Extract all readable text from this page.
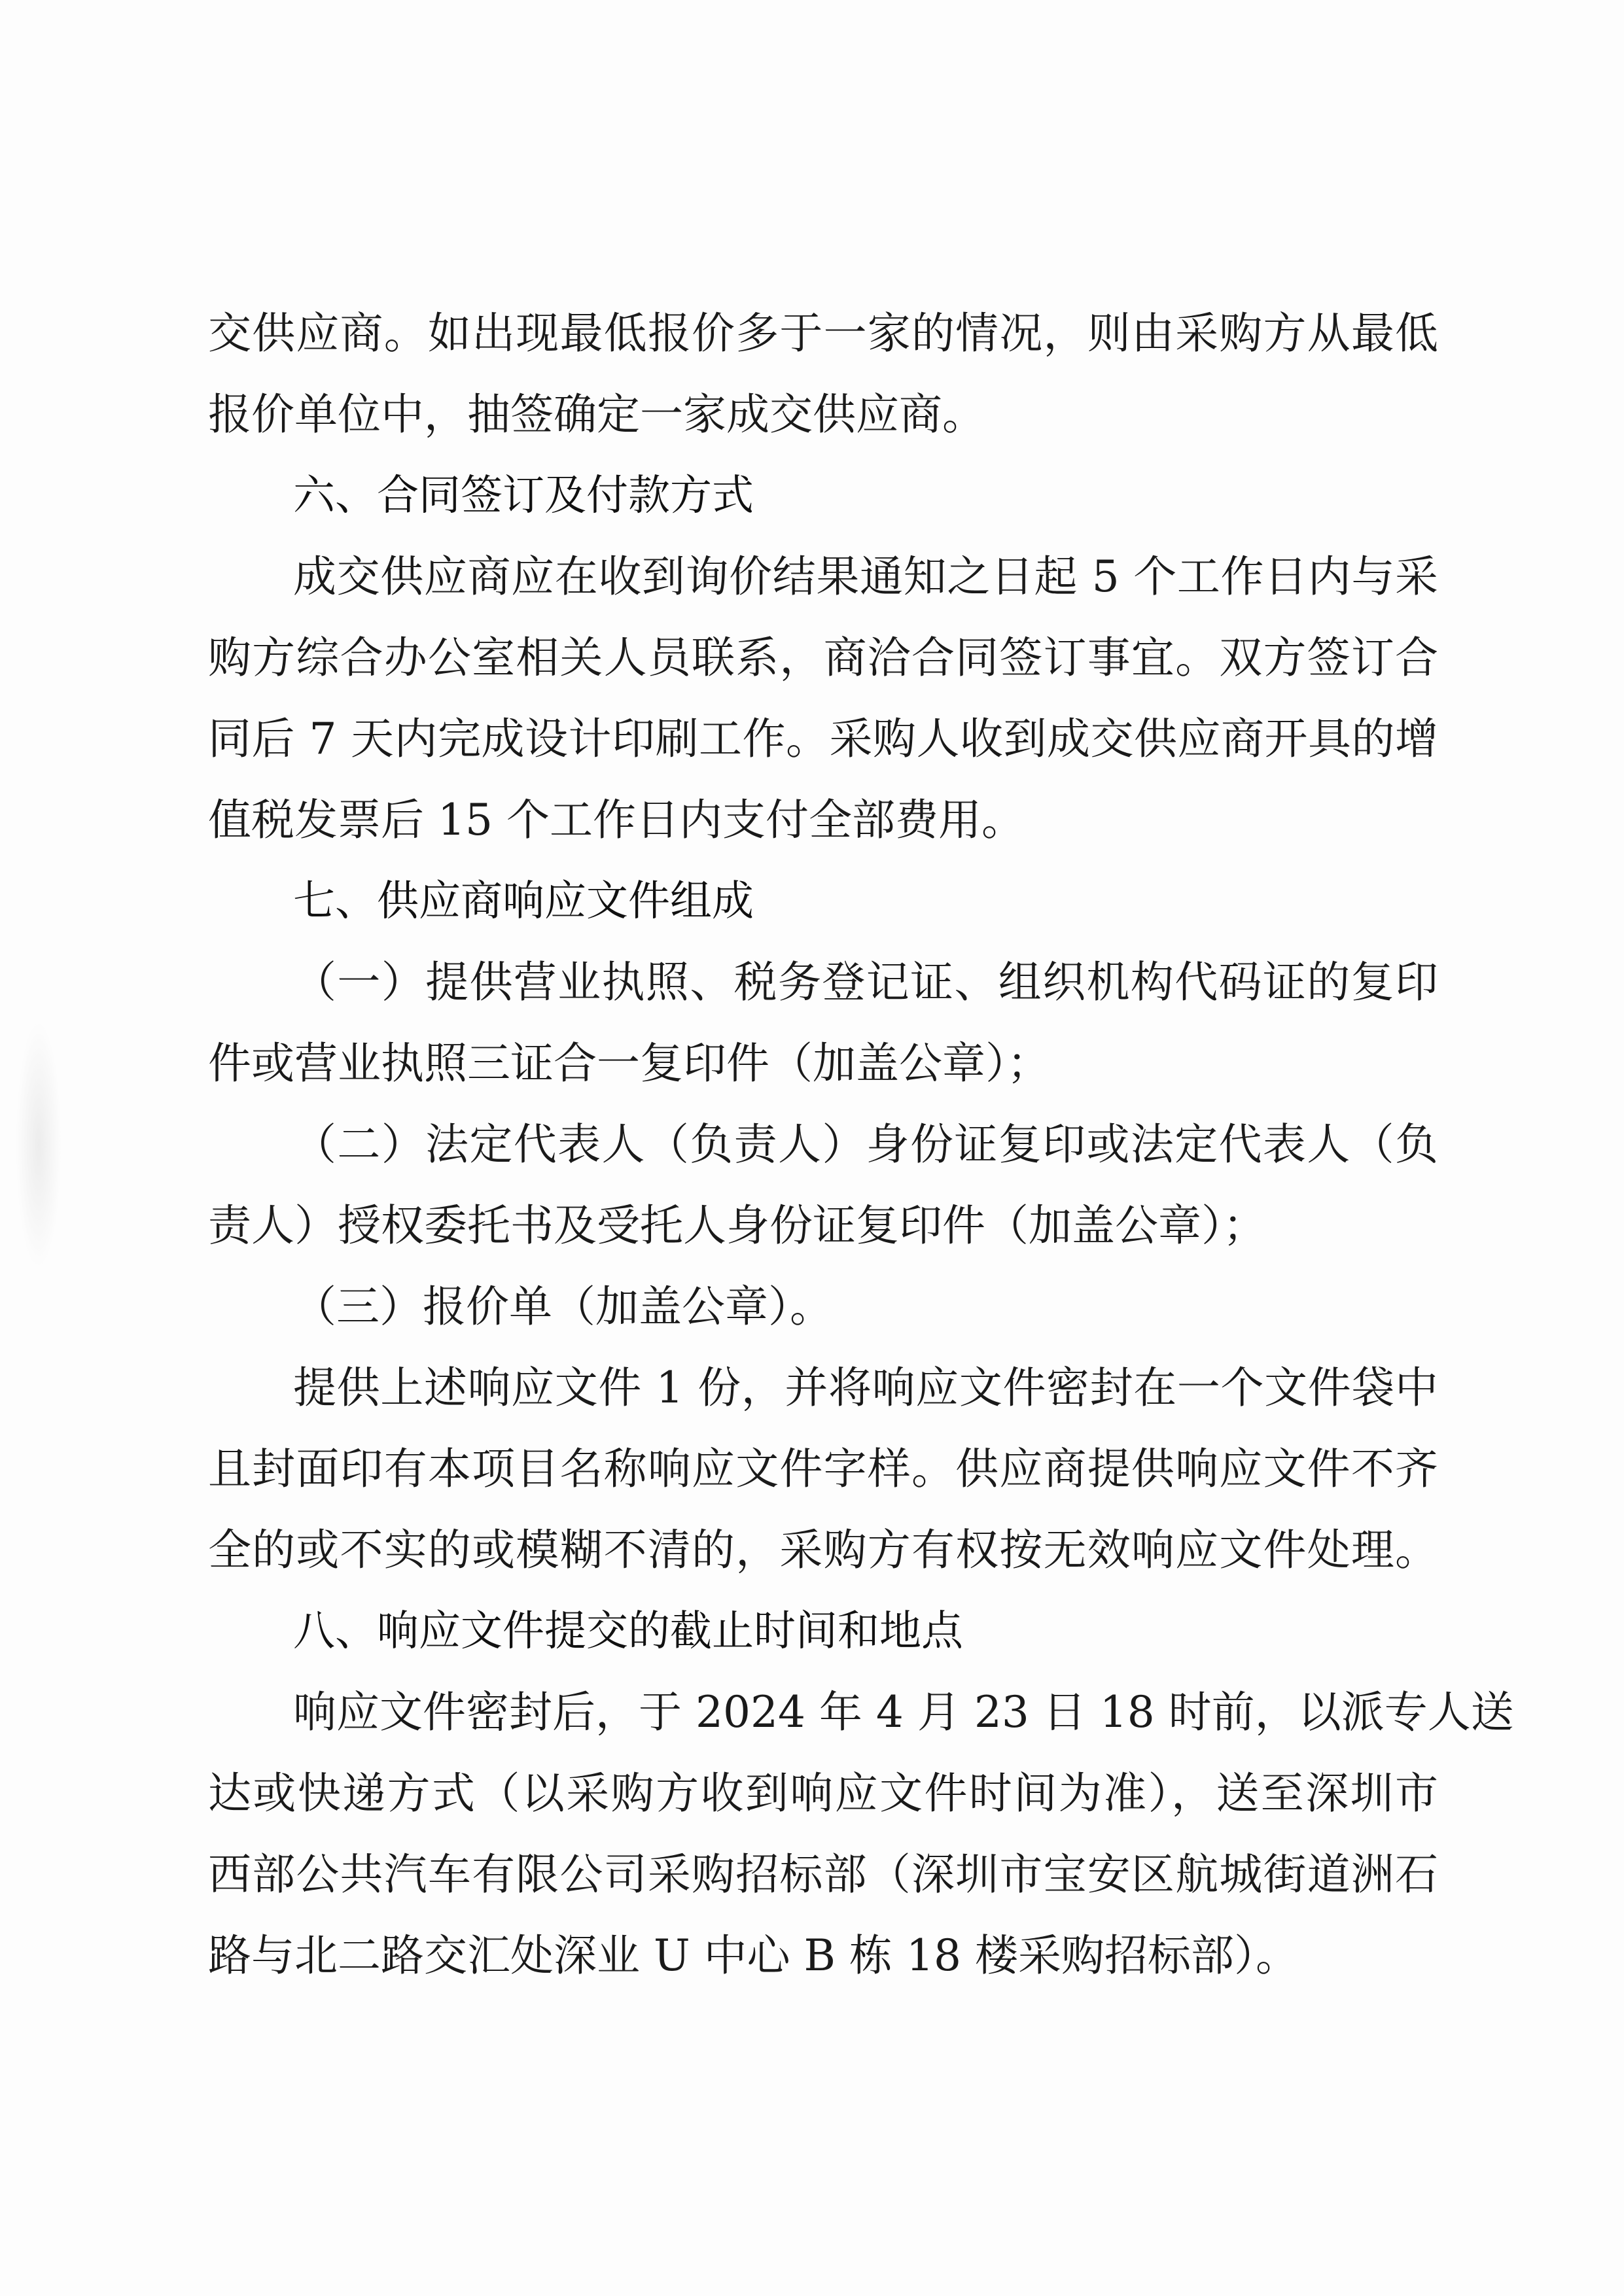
交供应商。如出现最低报价多于一家的情况，则由采购方从最低
报价单位中，抽签确定一家成交供应商。
六、合同签订及付款方式
成交供应商应在收到询价结果通知之日起 5 个工作日内与采
购方综合办公室相关人员联系，商洽合同签订事宜。双方签订合
同后 7 天内完成设计印刷工作。采购人收到成交供应商开具的增
值税发票后 15 个工作日内支付全部费用。
七、供应商响应文件组成
（一）提供营业执照、税务登记证、组织机构代码证的复印
件或营业执照三证合一复印件（加盖公章）；
（二）法定代表人（负责人）身份证复印或法定代表人（负
责人）授权委托书及受托人身份证复印件（加盖公章）；
（三）报价单（加盖公章）。
提供上述响应文件 1 份，并将响应文件密封在一个文件袋中
且封面印有本项目名称响应文件字样。供应商提供响应文件不齐
全的或不实的或模糊不清的，采购方有权按无效响应文件处理。
八、响应文件提交的截止时间和地点
响应文件密封后，于 2024 年 4 月 23 日 18 时前，以派专人送
达或快递方式（以采购方收到响应文件时间为准），送至深圳市
西部公共汽车有限公司采购招标部（深圳市宝安区航城街道洲石
路与北二路交汇处深业 U 中心 B 栋 18 楼采购招标部）。
